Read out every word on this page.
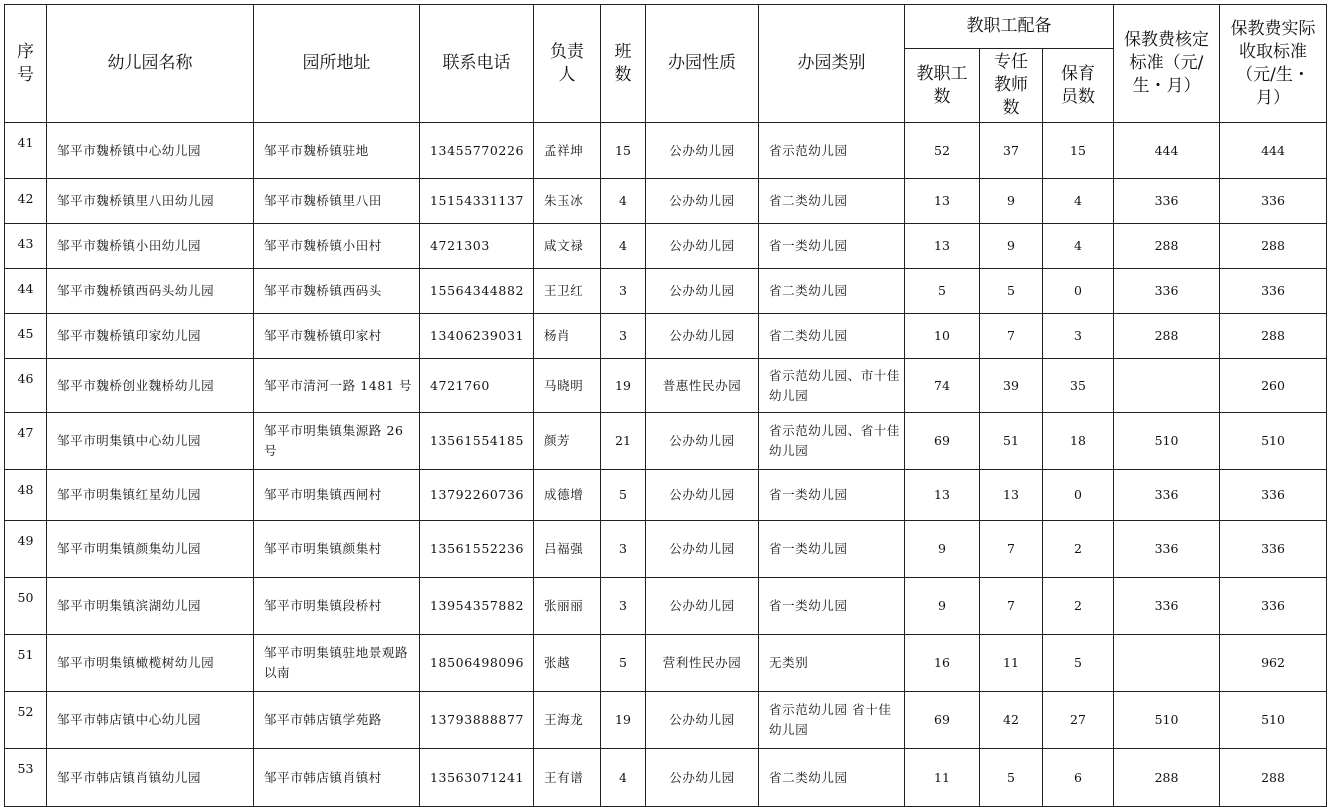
序号	幼儿园名称	园所地址	联系电话	负责人	班数	办园性质	办园类别	教职工配备			保教费核定标准（元/生・月）	保教费实际收取标准（元/生・月）
								教职工数	专任教师数	保育员数		
41	邹平市魏桥镇中心幼儿园	邹平市魏桥镇驻地	13455770226	孟祥坤	15	公办幼儿园	省示范幼儿园	52	37	15	444	444
42	邹平市魏桥镇里八田幼儿园	邹平市魏桥镇里八田	15154331137	朱玉冰	4	公办幼儿园	省二类幼儿园	13	9	4	336	336
43	邹平市魏桥镇小田幼儿园	邹平市魏桥镇小田村	4721303	咸文禄	4	公办幼儿园	省一类幼儿园	13	9	4	288	288
44	邹平市魏桥镇西码头幼儿园	邹平市魏桥镇西码头	15564344882	王卫红	3	公办幼儿园	省二类幼儿园	5	5	0	336	336
45	邹平市魏桥镇印家幼儿园	邹平市魏桥镇印家村	13406239031	杨肖	3	公办幼儿园	省二类幼儿园	10	7	3	288	288
46	邹平市魏桥创业魏桥幼儿园	邹平市清河一路 1481 号	4721760	马晓明	19	普惠性民办园	省示范幼儿园、市十佳幼儿园	74	39	35		260
47	邹平市明集镇中心幼儿园	邹平市明集镇集源路 26 号	13561554185	颜芳	21	公办幼儿园	省示范幼儿园、省十佳幼儿园	69	51	18	510	510
48	邹平市明集镇红星幼儿园	邹平市明集镇西闸村	13792260736	成德增	5	公办幼儿园	省一类幼儿园	13	13	0	336	336
49	邹平市明集镇颜集幼儿园	邹平市明集镇颜集村	13561552236	吕福强	3	公办幼儿园	省一类幼儿园	9	7	2	336	336
50	邹平市明集镇滨湖幼儿园	邹平市明集镇段桥村	13954357882	张丽丽	3	公办幼儿园	省一类幼儿园	9	7	2	336	336
51	邹平市明集镇橄榄树幼儿园	邹平市明集镇驻地景观路以南	18506498096	张越	5	营利性民办园	无类别	16	11	5		962
52	邹平市韩店镇中心幼儿园	邹平市韩店镇学苑路	13793888877	王海龙	19	公办幼儿园	省示范幼儿园 省十佳幼儿园	69	42	27	510	510
53	邹平市韩店镇肖镇幼儿园	邹平市韩店镇肖镇村	13563071241	王有谱	4	公办幼儿园	省二类幼儿园	11	5	6	288	288
